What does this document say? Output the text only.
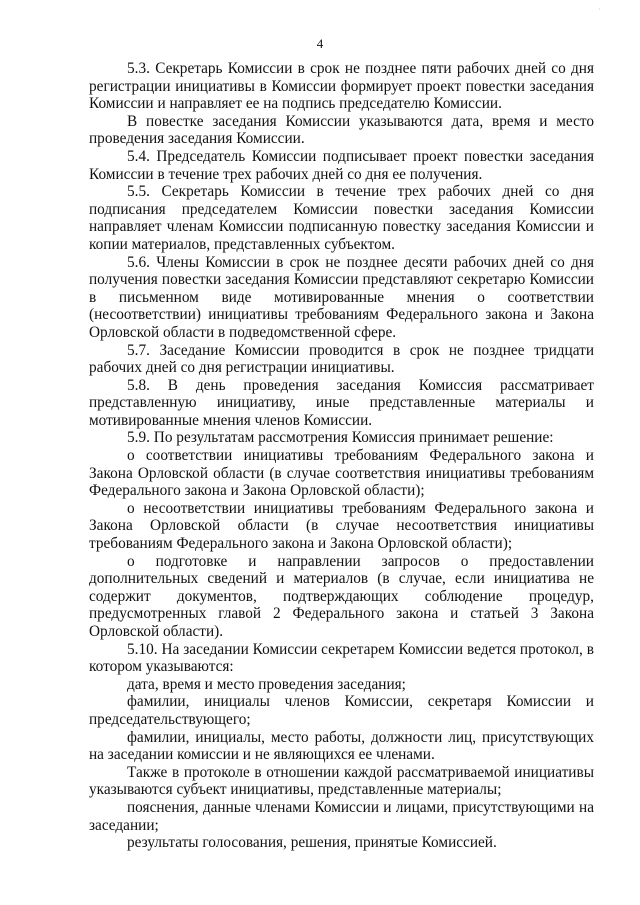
·
4

5.3. Секретарь Комиссии в срок не позднее пяти рабочих дней со дня регистрации инициативы в Комиссии формирует проект повестки заседания Комиссии и направляет ее на подпись председателю Комиссии.

В повестке заседания Комиссии указываются дата, время и место проведения заседания Комиссии.

5.4. Председатель Комиссии подписывает проект повестки заседания Комиссии в течение трех рабочих дней со дня ее получения.

5.5. Секретарь Комиссии в течение трех рабочих дней со дня подписания председателем Комиссии повестки заседания Комиссии направляет членам Комиссии подписанную повестку заседания Комиссии и копии материалов, представленных субъектом.

5.6. Члены Комиссии в срок не позднее десяти рабочих дней со дня получения повестки заседания Комиссии представляют секретарю Комиссии в письменном виде мотивированные мнения о соответствии (несоответствии) инициативы требованиям Федерального закона и Закона Орловской области в подведомственной сфере.

5.7. Заседание Комиссии проводится в срок не позднее тридцати рабочих дней со дня регистрации инициативы.

5.8. В день проведения заседания Комиссия рассматривает представленную инициативу, иные представленные материалы и мотивированные мнения членов Комиссии.

5.9. По результатам рассмотрения Комиссия принимает решение:

о соответствии инициативы требованиям Федерального закона и Закона Орловской области (в случае соответствия инициативы требованиям Федерального закона и Закона Орловской области);

о несоответствии инициативы требованиям Федерального закона и Закона Орловской области (в случае несоответствия инициативы требованиям Федерального закона и Закона Орловской области);

о подготовке и направлении запросов о предоставлении дополнительных сведений и материалов (в случае, если инициатива не содержит документов, подтверждающих соблюдение процедур, предусмотренных главой 2 Федерального закона и статьей 3 Закона Орловской области).

5.10. На заседании Комиссии секретарем Комиссии ведется протокол, в котором указываются:

дата, время и место проведения заседания;

фамилии, инициалы членов Комиссии, секретаря Комиссии и председательствующего;

фамилии, инициалы, место работы, должности лиц, присутствующих на заседании комиссии и не являющихся ее членами.

Также в протоколе в отношении каждой рассматриваемой инициативы указываются субъект инициативы, представленные материалы;

пояснения, данные членами Комиссии и лицами, присутствующими на заседании;

результаты голосования, решения, принятые Комиссией.
